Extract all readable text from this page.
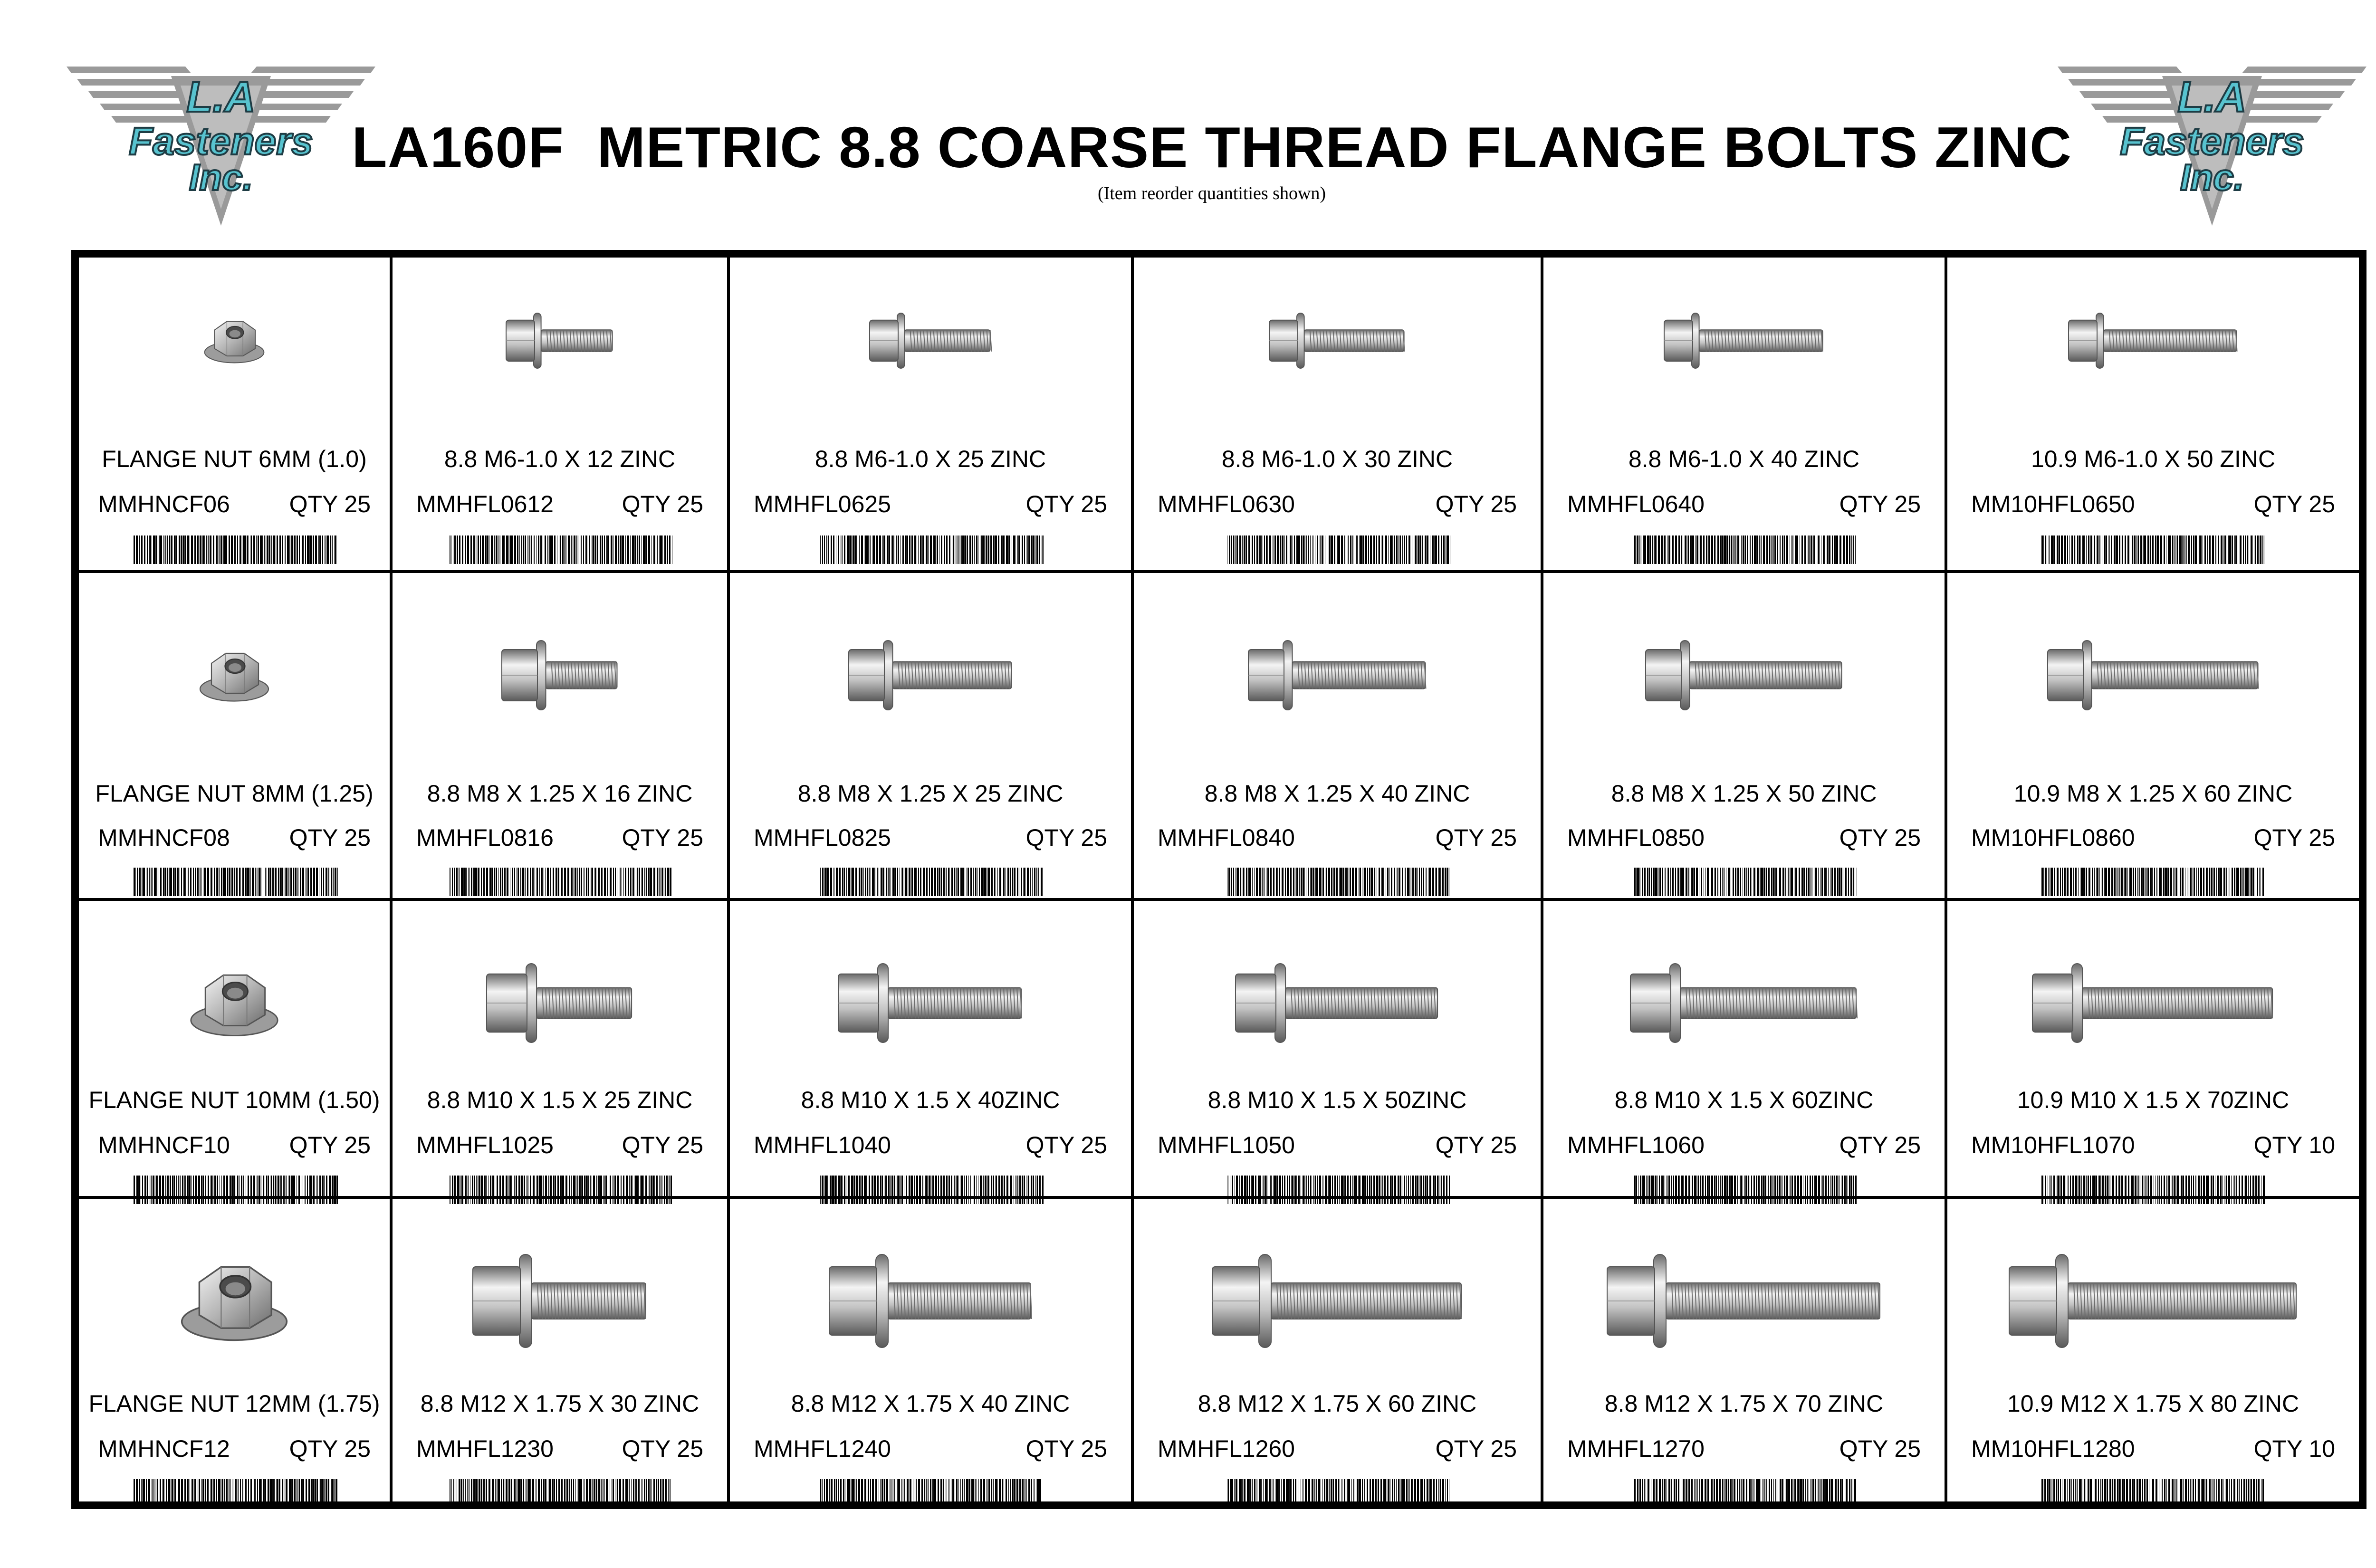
L.A
Fasteners
Inc.
L.A
Fasteners
Inc.
LA160F  METRIC 8.8 COARSE THREAD FLANGE BOLTS ZINC
(Item reorder quantities shown)
FLANGE NUT 6MM (1.0)
MMHNCF06 QTY 25
8.8 M6-1.0 X 12 ZINC
MMHFL0612	QTY 25
8.8 M6-1.0 X 25 ZINC
MMHFL0625	QTY 25
8.8 M6-1.0 X 30 ZINC
MMHFL0630	QTY 25
8.8 M6-1.0 X 40 ZINC
MMHFL0640	QTY 25
10.9 M6-1.0 X 50 ZINC
MM10HFL0650	QTY 25
FLANGE NUT 8MM (1.25)
MMHNCF08 QTY 25
8.8 M8 X 1.25 X 16 ZINC
MMHFL0816	QTY 25
8.8 M8 X 1.25 X 25 ZINC
MMHFL0825	QTY 25
8.8 M8 X 1.25 X 40 ZINC
MMHFL0840	QTY 25
8.8 M8 X 1.25 X 50 ZINC
MMHFL0850	QTY 25
10.9 M8 X 1.25 X 60 ZINC
MM10HFL0860	QTY 25
FLANGE NUT 10MM (1.50)
MMHNCF10 QTY 25
8.8 M10 X 1.5 X 25 ZINC
MMHFL1025	QTY 25
8.8 M10 X 1.5 X 40ZINC
MMHFL1040	QTY 25
8.8 M10 X 1.5 X 50ZINC
MMHFL1050	QTY 25
8.8 M10 X 1.5 X 60ZINC
MMHFL1060	QTY 25
10.9 M10 X 1.5 X 70ZINC
MM10HFL1070	QTY 10
FLANGE NUT 12MM (1.75)
MMHNCF12 QTY 25
8.8 M12 X 1.75 X 30 ZINC
MMHFL1230	QTY 25
8.8 M12 X 1.75 X 40 ZINC
MMHFL1240	QTY 25
8.8 M12 X 1.75 X 60 ZINC
MMHFL1260	QTY 25
8.8 M12 X 1.75 X 70 ZINC
MMHFL1270	QTY 25
10.9 M12 X 1.75 X 80 ZINC
MM10HFL1280	QTY 10
